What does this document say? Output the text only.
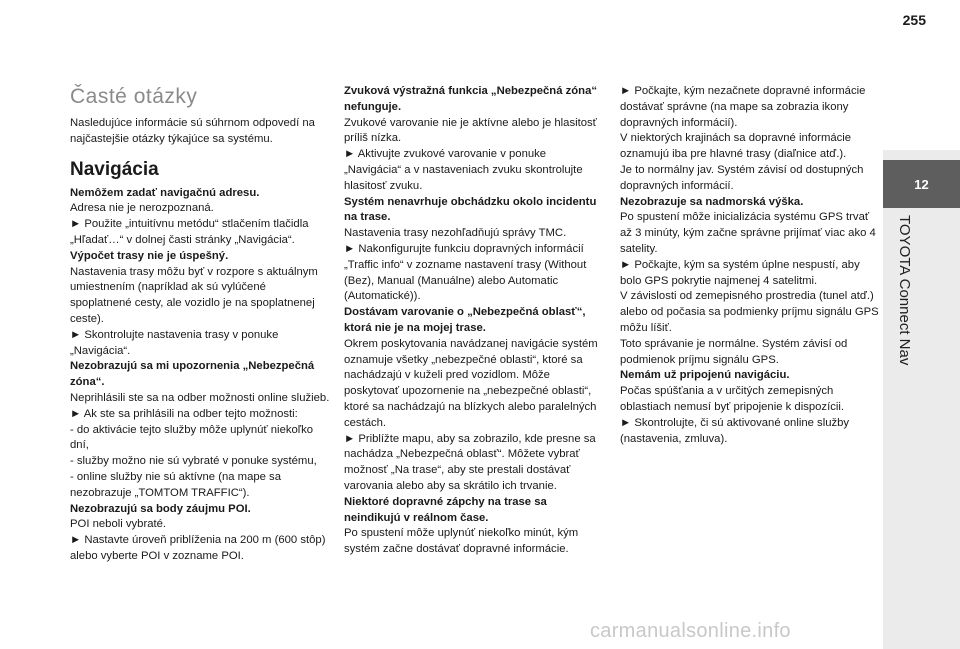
255
12
TOYOTA Connect Nav
Časté otázky

Nasledujúce informácie sú súhrnom odpovedí na najčastejšie otázky týkajúce sa systému.

Navigácia

Nemôžem zadať navigačnú adresu.

Adresa nie je nerozpoznaná.

► Použite „intuitívnu metódu“ stlačením tlačidla „Hľadať…“ v dolnej časti stránky „Navigácia“.

Výpočet trasy nie je úspešný.

Nastavenia trasy môžu byť v rozpore s aktuálnym umiestnením (napríklad ak sú vylúčené spoplatnené cesty, ale vozidlo je na spoplatnenej ceste).

► Skontrolujte nastavenia trasy v ponuke „Navigácia“.

Nezobrazujú sa mi upozornenia „Nebezpečná zóna“.

Neprihlásili ste sa na odber možnosti online služieb.

► Ak ste sa prihlásili na odber tejto možnosti:

- do aktivácie tejto služby môže uplynúť niekoľko dní,

- služby možno nie sú vybraté v ponuke systému,

- online služby nie sú aktívne (na mape sa nezobrazuje „TOMTOM TRAFFIC“).

Nezobrazujú sa body záujmu POI.

POI neboli vybraté.

► Nastavte úroveň priblíženia na 200 m (600 stôp) alebo vyberte POI v zozname POI.

Zvuková výstražná funkcia „Nebezpečná zóna“ nefunguje.

Zvukové varovanie nie je aktívne alebo je hlasitosť príliš nízka.

► Aktivujte zvukové varovanie v ponuke „Navigácia“ a v nastaveniach zvuku skontrolujte hlasitosť zvuku.

Systém nenavrhuje obchádzku okolo incidentu na trase.

Nastavenia trasy nezohľadňujú správy TMC.

► Nakonfigurujte funkciu dopravných informácií „Traffic info“ v zozname nastavení trasy (Without (Bez), Manual (Manuálne) alebo Automatic (Automatické)).

Dostávam varovanie o „Nebezpečná oblasť“, ktorá nie je na mojej trase.

Okrem poskytovania navádzanej navigácie systém oznamuje všetky „nebezpečné oblasti“, ktoré sa nachádzajú v kuželi pred vozidlom. Môže poskytovať upozornenie na „nebezpečné oblasti“, ktoré sa nachádzajú na blízkych alebo paralelných cestách.

► Priblížte mapu, aby sa zobrazilo, kde presne sa nachádza „Nebezpečná oblasť“. Môžete vybrať možnosť „Na trase“, aby ste prestali dostávať varovania alebo aby sa skrátilo ich trvanie.

Niektoré dopravné zápchy na trase sa neindikujú v reálnom čase.

Po spustení môže uplynúť niekoľko minút, kým systém začne dostávať dopravné informácie.

► Počkajte, kým nezačnete dopravné informácie dostávať správne (na mape sa zobrazia ikony dopravných informácií).

V niektorých krajinách sa dopravné informácie oznamujú iba pre hlavné trasy (diaľnice atď.).

Je to normálny jav. Systém závisí od dostupných dopravných informácií.

Nezobrazuje sa nadmorská výška.

Po spustení môže inicializácia systému GPS trvať až 3 minúty, kým začne správne prijímať viac ako 4 satelity.

► Počkajte, kým sa systém úplne nespustí, aby bolo GPS pokrytie najmenej 4 satelitmi.

V závislosti od zemepisného prostredia (tunel atď.) alebo od počasia sa podmienky príjmu signálu GPS môžu líšiť.

Toto správanie je normálne. Systém závisí od podmienok príjmu signálu GPS.

Nemám už pripojenú navigáciu.

Počas spúšťania a v určitých zemepisných oblastiach nemusí byť pripojenie k dispozícii.

► Skontrolujte, či sú aktivované online služby (nastavenia, zmluva).

carmanualsonline.info
